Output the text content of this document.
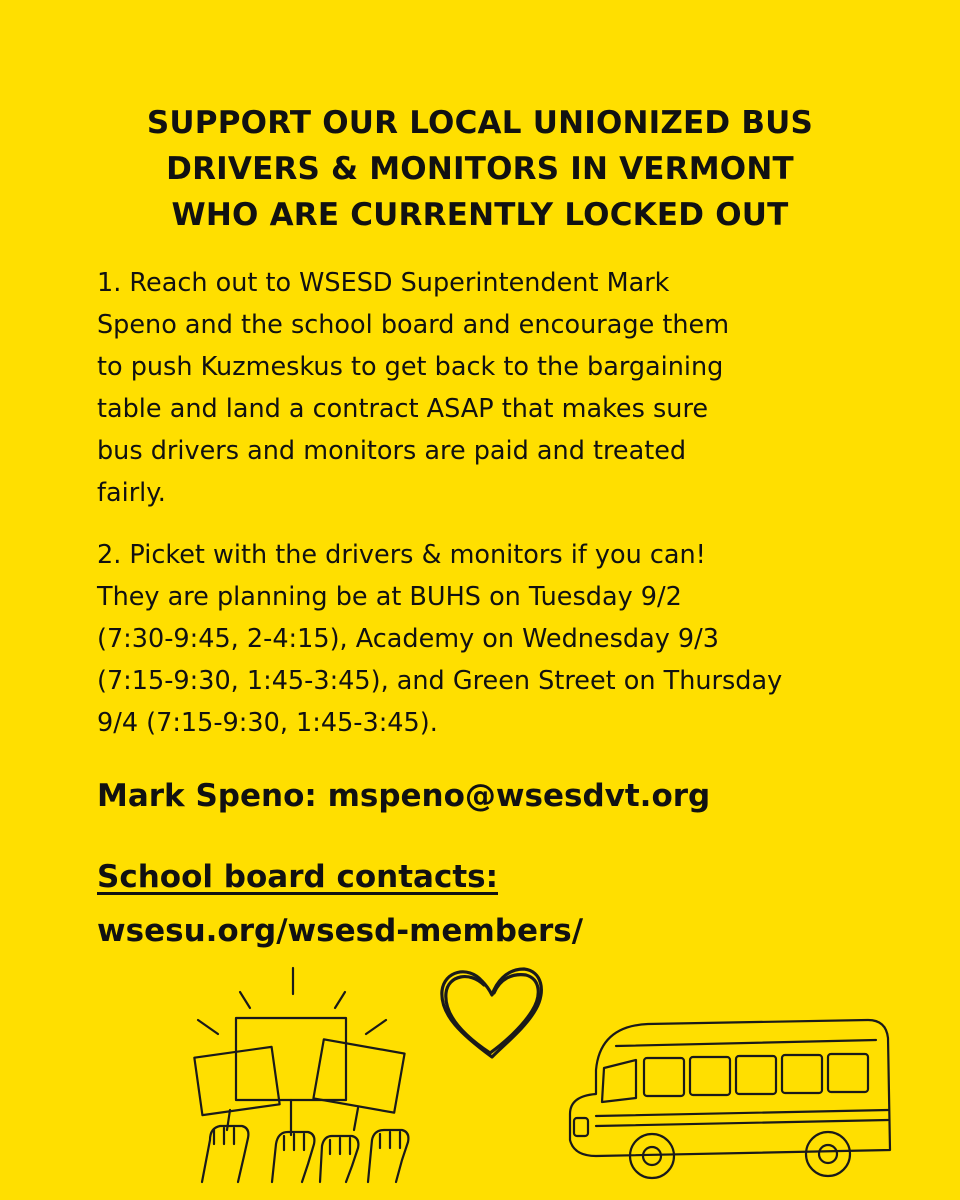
SUPPORT OUR LOCAL UNIONIZED BUS
DRIVERS & MONITORS IN VERMONT
WHO ARE CURRENTLY LOCKED OUT
1. Reach out to WSESD Superintendent Mark
Speno and the school board and encourage them
to push Kuzmeskus to get back to the bargaining
table and land a contract ASAP that makes sure
bus drivers and monitors are paid and treated
fairly.
2. Picket with the drivers & monitors if you can!
They are planning be at BUHS on Tuesday 9/2
(7:30-9:45, 2-4:15), Academy on Wednesday 9/3
(7:15-9:30, 1:45-3:45), and Green Street on Thursday
9/4 (7:15-9:30, 1:45-3:45).
Mark Speno: mspeno@wsesdvt.org
School board contacts:
wsesu.org/wsesd-members/
